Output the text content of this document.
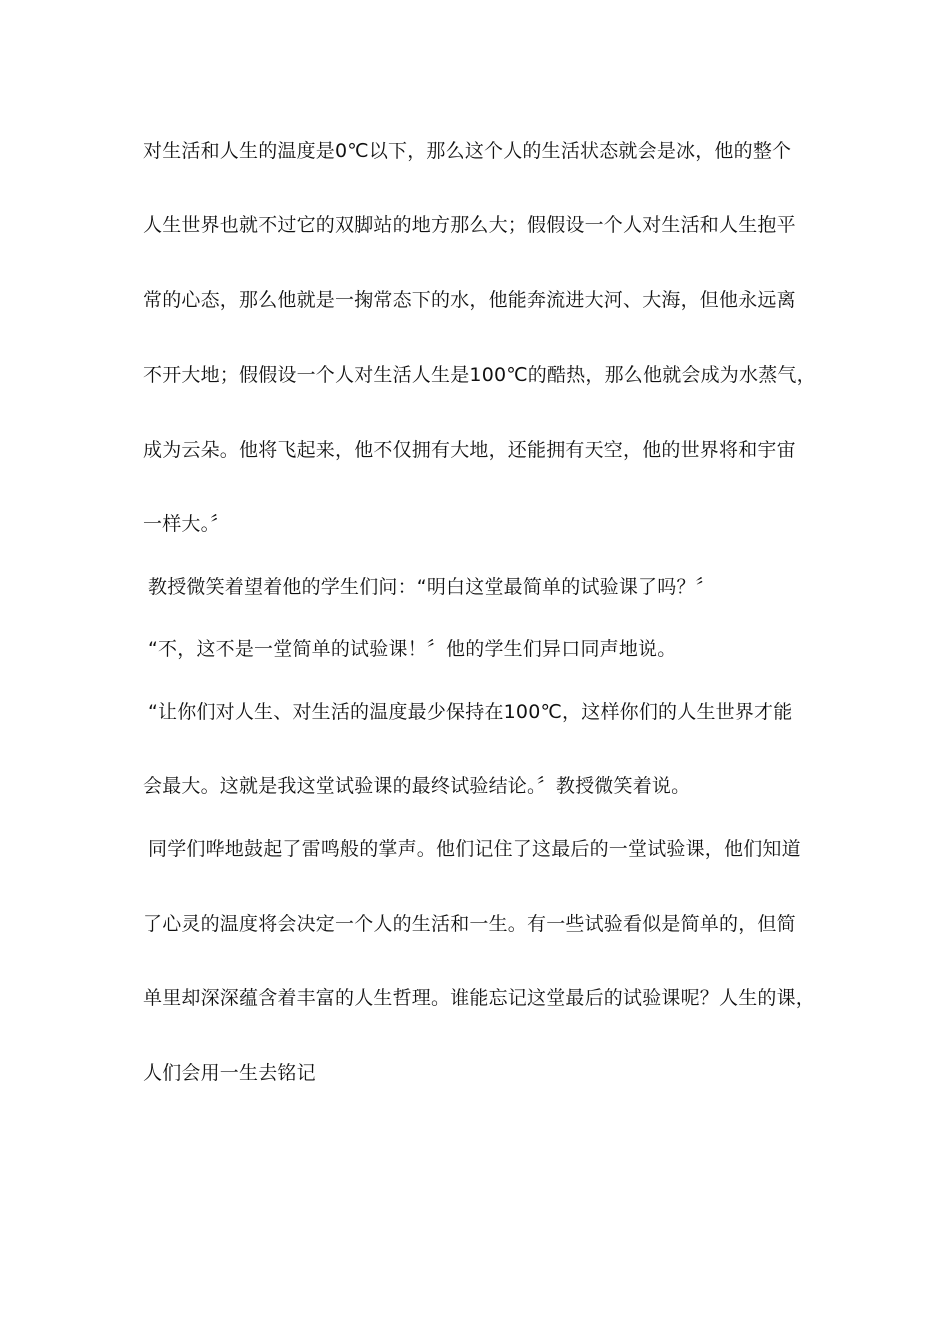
对生活和人生的温度是0℃以下，那么这个人的生活状态就会是冰，他的整个
人生世界也就不过它的双脚站的地方那么大；假假设一个人对生活和人生抱平
常的心态，那么他就是一掬常态下的水，他能奔流进大河、大海，但他永远离
不开大地；假假设一个人对生活人生是100℃的酷热，那么他就会成为水蒸气，
成为云朵。他将飞起来，他不仅拥有大地，还能拥有天空，他的世界将和宇宙
一样大。〞
教授微笑着望着他的学生们问：“明白这堂最简单的试验课了吗？〞
“不，这不是一堂简单的试验课！〞他的学生们异口同声地说。
“让你们对人生、对生活的温度最少保持在100℃，这样你们的人生世界才能
会最大。这就是我这堂试验课的最终试验结论。〞教授微笑着说。
同学们哗地鼓起了雷鸣般的掌声。他们记住了这最后的一堂试验课，他们知道
了心灵的温度将会决定一个人的生活和一生。有一些试验看似是简单的，但简
单里却深深蕴含着丰富的人生哲理。谁能忘记这堂最后的试验课呢？人生的课，
人们会用一生去铭记
